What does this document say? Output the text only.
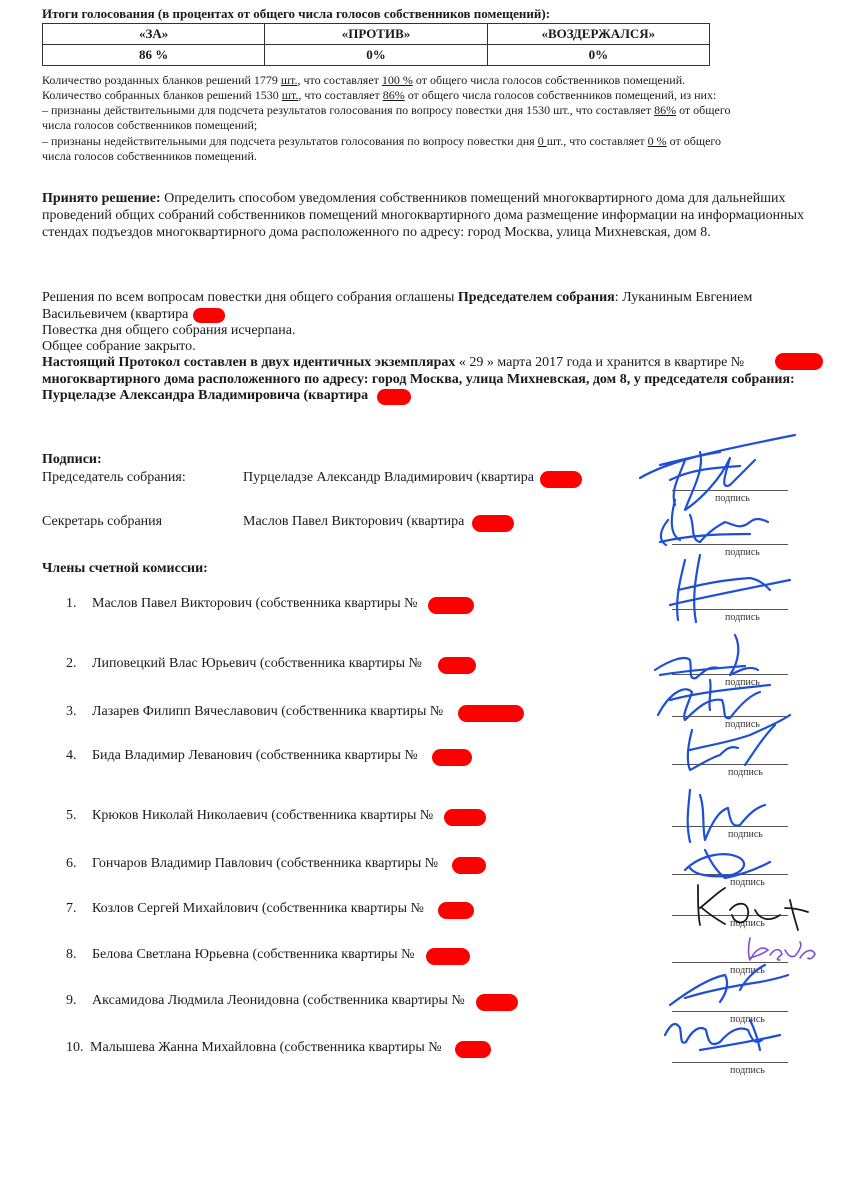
Итоги голосования (в процентах от общего числа голосов собственников помещений):
«ЗА»	«ПРОТИВ»	«ВОЗДЕРЖАЛСЯ»
86 %	0%	0%
Количество розданных бланков решений 1779 шт., что составляет 100 % от общего числа голосов собственников помещений.
Количество собранных бланков решений 1530 шт., что составляет 86% от общего числа голосов собственников помещений, из них:
– признаны действительными для подсчета результатов голосования по вопросу повестки дня 1530 шт., что составляет 86% от общего
числа голосов собственников помещений;
– признаны недействительными для подсчета результатов голосования по вопросу повестки дня 0 шт., что составляет 0 % от общего
числа голосов собственников помещений.
Принято решение: Определить способом уведомления собственников помещений многоквартирного дома для дальнейших проведений общих собраний собственников помещений многоквартирного дома размещение информации на информационных стендах подъездов многоквартирного дома расположенного по адресу: город Москва, улица Михневская, дом 8.
Решения по всем вопросам повестки дня общего собрания оглашены Председателем собрания: Луканиным Евгением
Васильевичем (квартира
Повестка дня общего собрания исчерпана.
Общее собрание закрыто.
Настоящий Протокол составлен в двух идентичных экземплярах « 29 » марта 2017 года и хранится в квартире №
многоквартирного дома расположенного по адресу: город Москва, улица Михневская, дом 8, у председателя собрания:
Пурцеладзе Александра Владимировича (квартира
Подписи:
Председатель собрания:	Пурцеладзе Александр Владимирович (квартира
Секретарь собрания	Маслов Павел Викторович (квартира
Члены счетной комиссии:
1. Маслов Павел Викторович (собственника квартиры №
2. Липовецкий Влас Юрьевич (собственника квартиры №
3. Лазарев Филипп Вячеславович (собственника квартиры №
4. Бида Владимир Леванович (собственника квартиры №
5. Крюков Николай Николаевич (собственника квартиры №
6. Гончаров Владимир Павлович (собственника квартиры №
7. Козлов Сергей Михайлович (собственника квартиры №
8. Белова Светлана Юрьевна (собственника квартиры №
9. Аксамидова Людмила Леонидовна (собственника квартиры №
10. Малышева Жанна Михайловна (собственника квартиры №
подпись
подпись
подпись
подпись
подпись
подпись
подпись
подпись
подпись
подпись
подпись
подпись
